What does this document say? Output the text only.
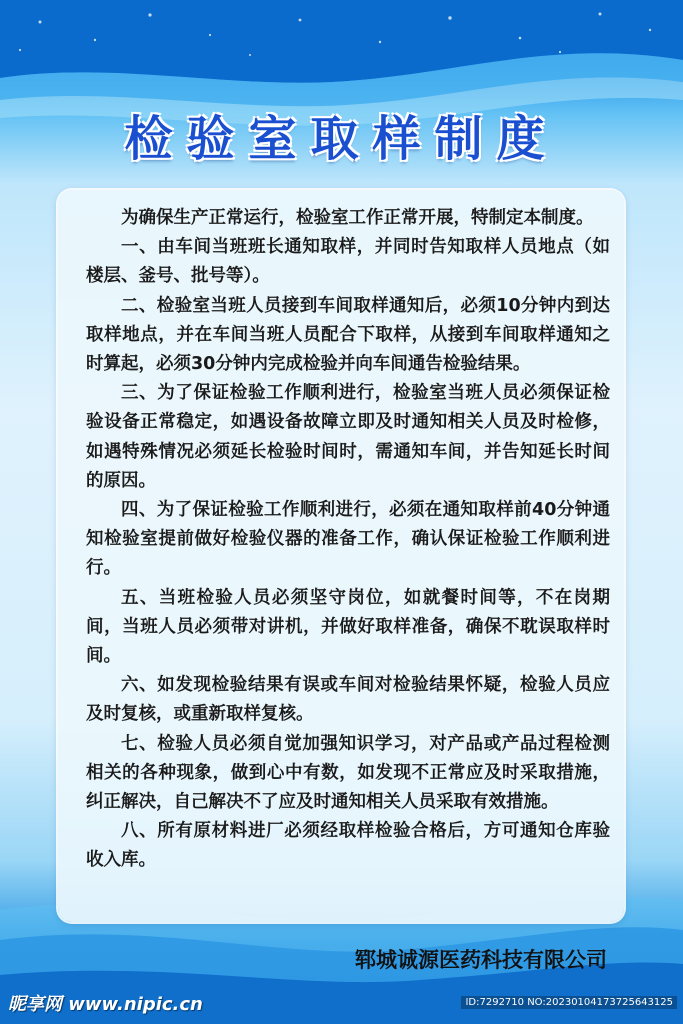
检验室取样制度

为确保生产正常运行，检验室工作正常开展，特制定本制度。

一、由车间当班班长通知取样，并同时告知取样人员地点（如楼层、釜号、批号等）。

二、检验室当班人员接到车间取样通知后，必须10分钟内到达取样地点，并在车间当班人员配合下取样，从接到车间取样通知之时算起，必须30分钟内完成检验并向车间通告检验结果。

三、为了保证检验工作顺利进行，检验室当班人员必须保证检验设备正常稳定，如遇设备故障立即及时通知相关人员及时检修，如遇特殊情况必须延长检验时间时，需通知车间，并告知延长时间的原因。

四、为了保证检验工作顺利进行，必须在通知取样前40分钟通知检验室提前做好检验仪器的准备工作，确认保证检验工作顺利进行。

五、当班检验人员必须坚守岗位，如就餐时间等，不在岗期间，当班人员必须带对讲机，并做好取样准备，确保不耽误取样时间。

六、如发现检验结果有误或车间对检验结果怀疑，检验人员应及时复核，或重新取样复核。

七、检验人员必须自觉加强知识学习，对产品或产品过程检测相关的各种现象，做到心中有数，如发现不正常应及时采取措施，纠正解决，自己解决不了应及时通知相关人员采取有效措施。

八、所有原材料进厂必须经取样检验合格后，方可通知仓库验收入库。

郓城诚源医药科技有限公司
昵享网 www.nipic.cn	ID:7292710 NO:20230104173725643125
